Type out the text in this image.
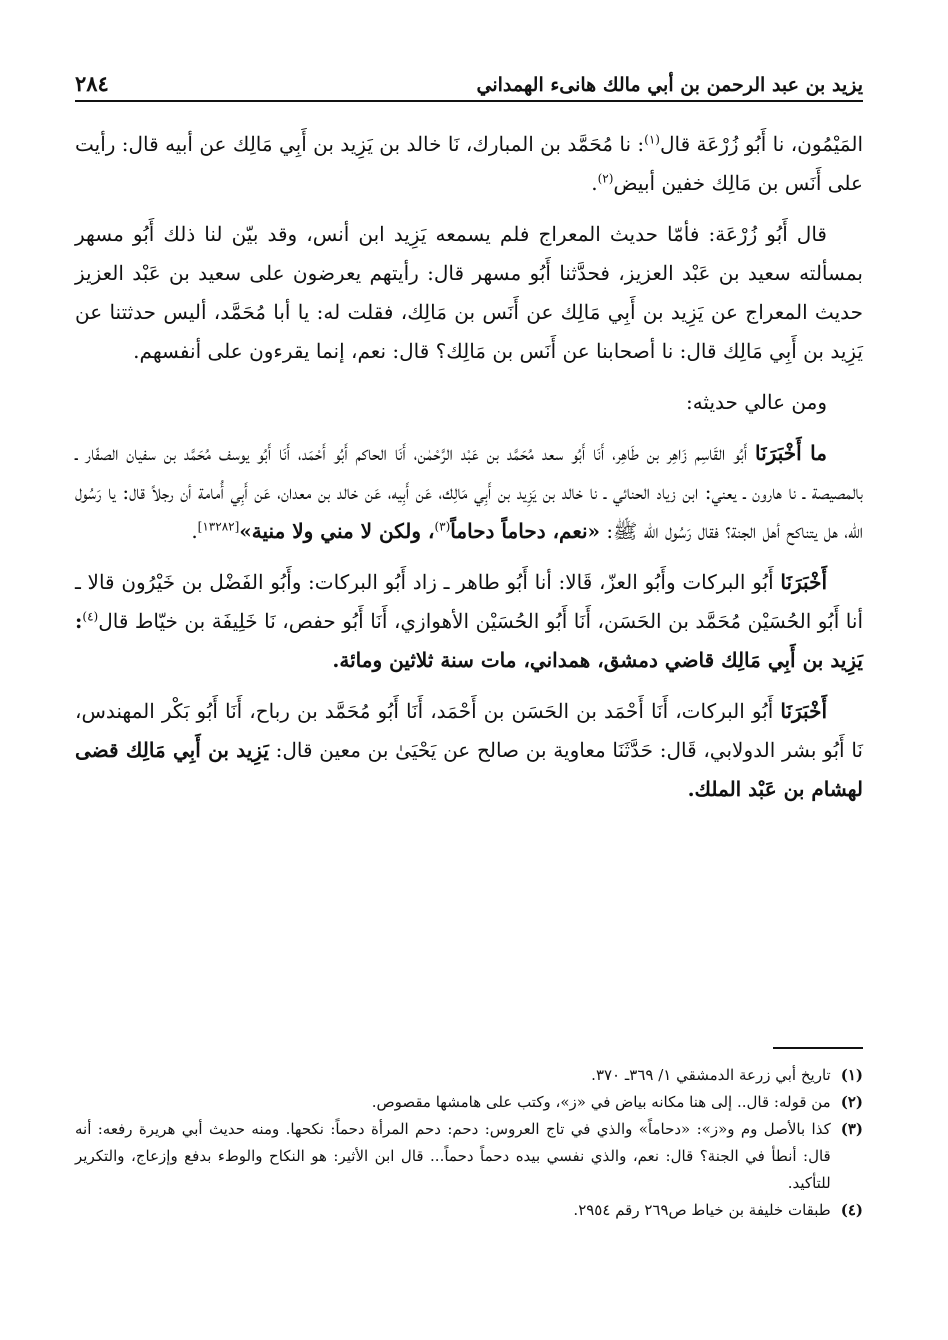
يزيد بن عبد الرحمن بن أبي مالك هانىء الهمداني
٢٨٤

المَيْمُون، نا أَبُو زُرْعَة قال$^{(١)}$: نا مُحَمَّد بن المبارك، نَا خالد بن يَزِيد بن أَبِي مَالِك عن أبيه قال: رأيت على أَنَس بن مَالِك خفين أبيض$^{(٢)}$.

قال أَبُو زُرْعَة: فأمّا حديث المعراج فلم يسمعه يَزِيد ابن أنس، وقد بيّن لنا ذلك أَبُو مسهر بمسألته سعيد بن عَبْد العزيز، فحدَّثنا أَبُو مسهر قال: رأيتهم يعرضون على سعيد بن عَبْد العزيز حديث المعراج عن يَزِيد بن أَبِي مَالِك عن أَنَس بن مَالِك، فقلت له: يا أبا مُحَمَّد، أليس حدثتنا عن يَزِيد بن أَبِي مَالِك قال: نا أصحابنا عن أَنَس بن مَالِك؟ قال: نعم، إنما يقرءون على أنفسهم.

ومن عالي حديثه:

ما أَخْبَرَنَا أَبُو القَاسِم زَاهِر بن طَاهِر، أَنَا أَبُو سعد مُحَمَّد بن عَبْد الرَّحْمٰن، أَنَا الحاكم أَبُو أَحْمَد، أَنَا أَبُو يوسف مُحَمَّد بن سفيان الصفّار ـ بالمصيصة ـ نا هارون ـ يعني: ابن زياد الحنائي ـ نا خالد بن يَزِيد بن أَبِي مَالِك، عَن أَبِيه، عَن خالد بن معدان، عَن أَبِي أُمامة أن رجلاً قال: يا رَسُول الله، هل يتناكح أهل الجنة؟ فقال رَسُول الله ﷺ: «نعم، دحاماً دحاماً$^{(٣)}$، ولكن لا مني ولا منية»[١٣٢٨٢].

أَخْبَرَنَا أَبُو البركات وأَبُو العزّ، قَالا: أنا أَبُو طاهر ـ زاد أَبُو البركات: وأَبُو الفَضْل بن خَيْرُون قالا ـ أنا أَبُو الحُسَيْن مُحَمَّد بن الحَسَن، أَنَا أَبُو الحُسَيْن الأهوازي، أَنَا أَبُو حفص، نَا خَلِيفَة بن خيّاط قال$^{(٤)}$: يَزِيد بن أَبِي مَالِك قاضي دمشق، همداني، مات سنة ثلاثين ومائة.

أَخْبَرَنَا أَبُو البركات، أَنَا أَحْمَد بن الحَسَن بن أَحْمَد، أَنَا أَبُو مُحَمَّد بن رباح، أَنَا أَبُو بَكْر المهندس، نَا أَبُو بشر الدولابي، قَال: حَدَّثَنَا معاوية بن صالح عن يَحْيَىٰ بن معين قال: يَزِيد بن أَبِي مَالِك قضى لهشام بن عَبْد الملك.

(١)
تاريخ أبي زرعة الدمشقي ١/ ٣٦٩ـ ٣٧٠.
(٢)
من قوله: قال.. إلى هنا مكانه بياض في «ز»، وكتب على هامشها مقصوص.
(٣)
كذا بالأصل وم و«ز»: «دحاماً» والذي في تاج العروس: دحم: دحم المرأة دحماً: نكحها. ومنه حديث أبي هريرة رفعه: أنه قال: أنطأ في الجنة؟ قال: نعم، والذي نفسي بيده دحماً دحماً... قال ابن الأثير: هو النكاح والوطء بدفع وإزعاج، والتكرير للتأكيد.
(٤)
طبقات خليفة بن خياط ص٢٦٩ رقم ٢٩٥٤.
